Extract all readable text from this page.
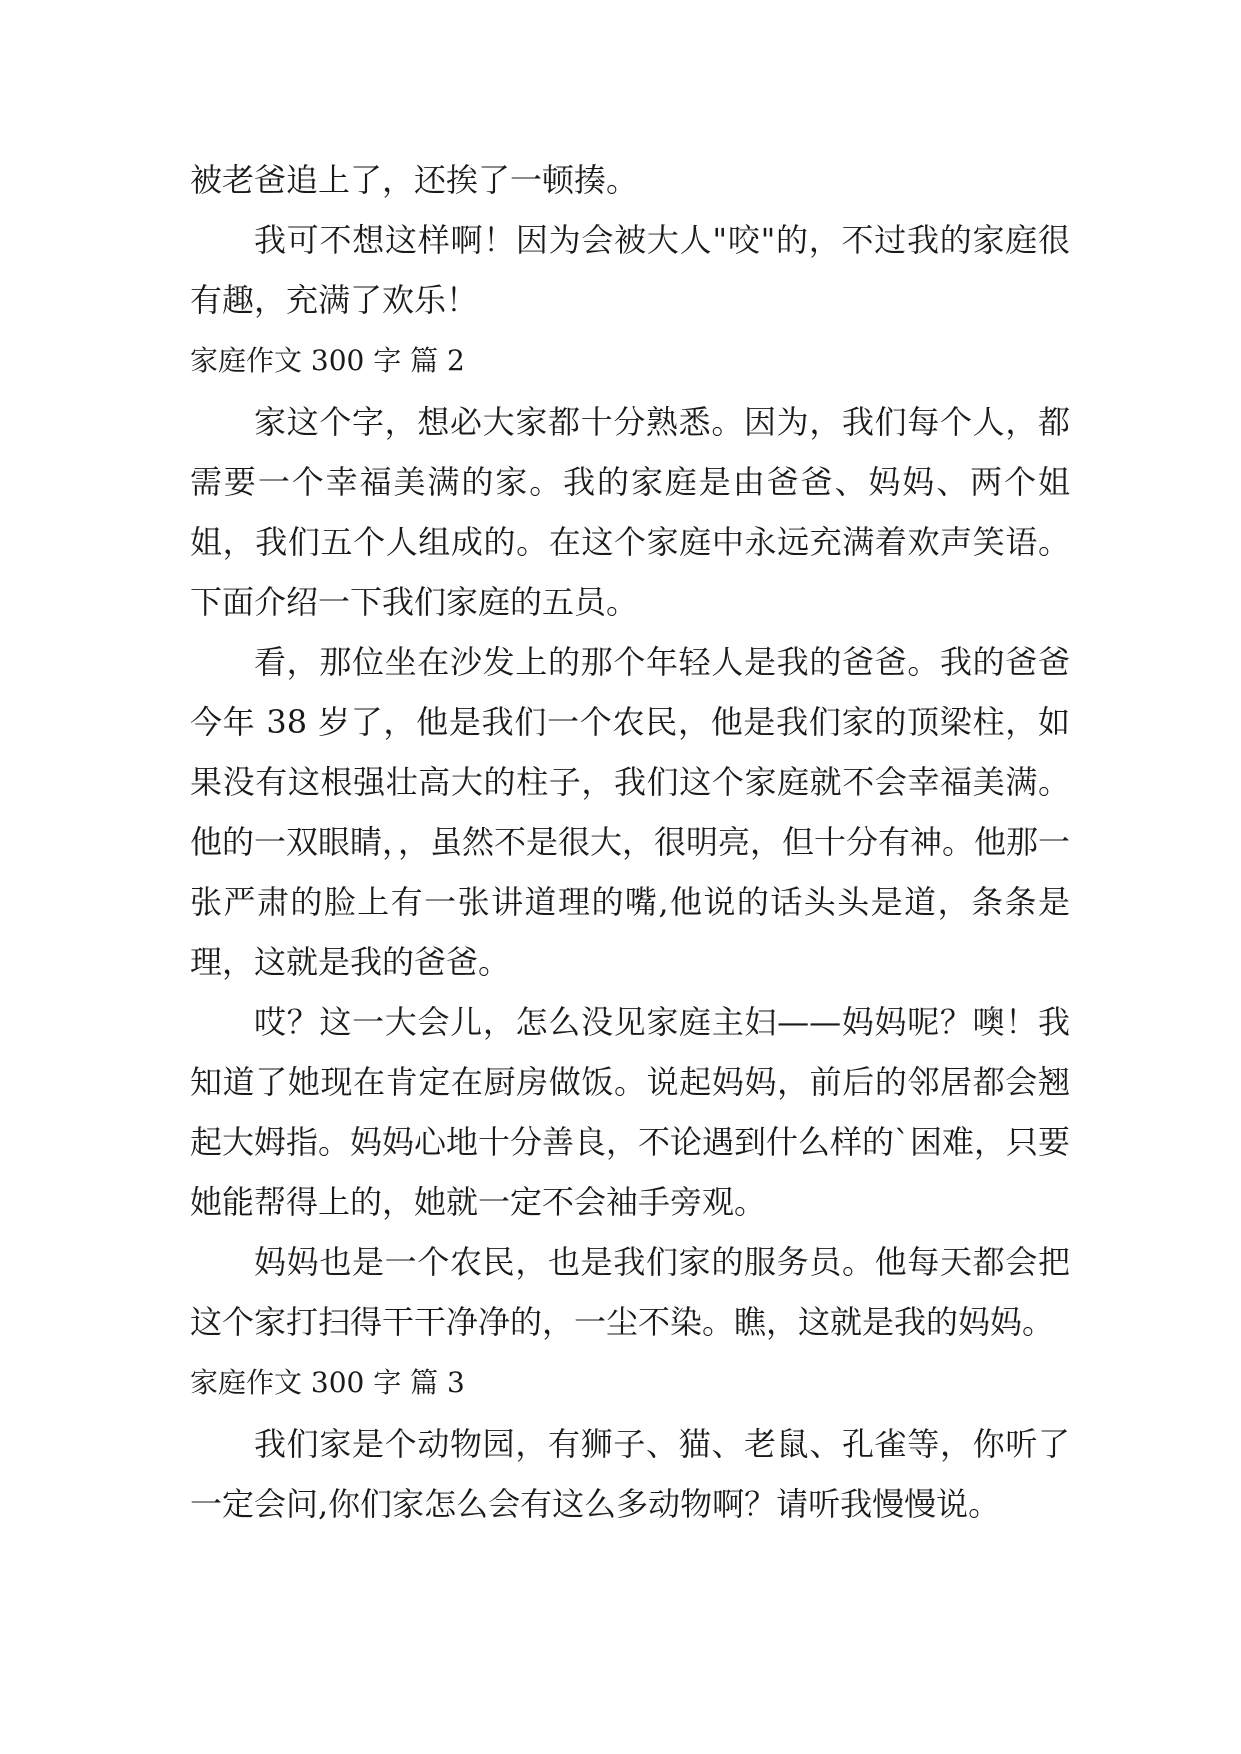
被老爸追上了，还挨了一顿揍。

我可不想这样啊！因为会被大人"咬"的，不过我的家庭很有趣，充满了欢乐！

家庭作文 300 字 篇 2

家这个字，想必大家都十分熟悉。因为，我们每个人，都需要一个幸福美满的家。我的家庭是由爸爸、妈妈、两个姐姐，我们五个人组成的。在这个家庭中永远充满着欢声笑语。下面介绍一下我们家庭的五员。

看，那位坐在沙发上的那个年轻人是我的爸爸。我的爸爸今年 38 岁了，他是我们一个农民，他是我们家的顶梁柱，如果没有这根强壮高大的柱子，我们这个家庭就不会幸福美满。他的一双眼睛，，虽然不是很大，很明亮，但十分有神。他那一张严肃的脸上有一张讲道理的嘴,他说的话头头是道，条条是理，这就是我的爸爸。

哎？这一大会儿，怎么没见家庭主妇——妈妈呢？噢！我知道了她现在肯定在厨房做饭。说起妈妈，前后的邻居都会翘起大姆指。妈妈心地十分善良，不论遇到什么样的`困难，只要她能帮得上的，她就一定不会袖手旁观。

妈妈也是一个农民，也是我们家的服务员。他每天都会把这个家打扫得干干净净的，一尘不染。瞧，这就是我的妈妈。

家庭作文 300 字 篇 3

我们家是个动物园，有狮子、猫、老鼠、孔雀等，你听了一定会问,你们家怎么会有这么多动物啊？请听我慢慢说。
